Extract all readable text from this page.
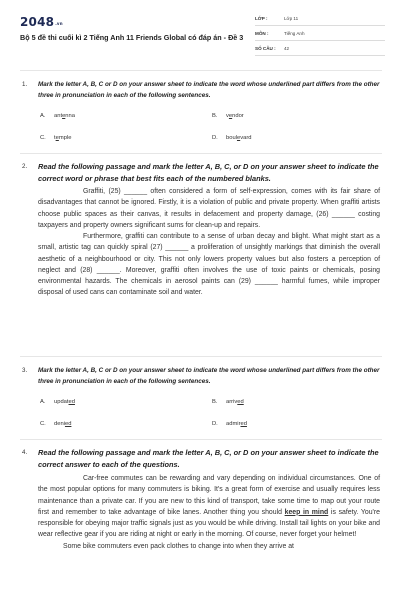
2048.vn
Bộ 5 đề thi cuối kì 2 Tiếng Anh 11 Friends Global có đáp án - Đề 3
LỚP :	Lớp 11
MÔN :	Tiếng Anh
SỐ CÂU : 42
1. Mark the letter A, B, C or D on your answer sheet to indicate the word whose underlined part differs from the other three in pronunciation in each of the following sentences.
A. antenna	B. vendor
C. temple	D. boulevard
2. Read the following passage and mark the letter A, B, C, or D on your answer sheet to indicate the correct word or phrase that best fits each of the numbered blanks.

Graffiti, (25) ______ often considered a form of self-expression, comes with its fair share of disadvantages that cannot be ignored. Firstly, it is a violation of public and private property. When graffiti artists choose public spaces as their canvas, it results in defacement and property damage, (26) ______ costing taxpayers and property owners significant sums for clean-up and repairs.

Furthermore, graffiti can contribute to a sense of urban decay and blight. What might start as a small, artistic tag can quickly spiral (27) ______ a proliferation of unsightly markings that diminish the overall aesthetic of a neighbourhood or city. This not only lowers property values but also fosters a perception of neglect and (28) ______. Moreover, graffiti often involves the use of toxic paints or chemicals, posing environmental hazards. The chemicals in aerosol paints can (29) ______ harmful fumes, while improper disposal of used cans can contaminate soil and water.

3. Mark the letter A, B, C or D on your answer sheet to indicate the word whose underlined part differs from the other three in pronunciation in each of the following sentences.
A. updated	B. arrived
C. denied	D. admired
4. Read the following passage and mark the letter A, B, C, or D on your answer sheet to indicate the correct answer to each of the questions.

Car-free commutes can be rewarding and vary depending on individual circumstances. One of the most popular options for many commuters is biking. It's a great form of exercise and usually requires less maintenance than a private car. If you are new to this kind of transport, take some time to map out your route first and remember to take advantage of bike lanes. Another thing you should keep in mind is safety. You're responsible for obeying major traffic signals just as you would be while driving. Install tail lights on your bike and wear reflective gear if you are riding at night or early in the morning. Of course, never forget your helmet!

Some bike commuters even pack clothes to change into when they arrive at
